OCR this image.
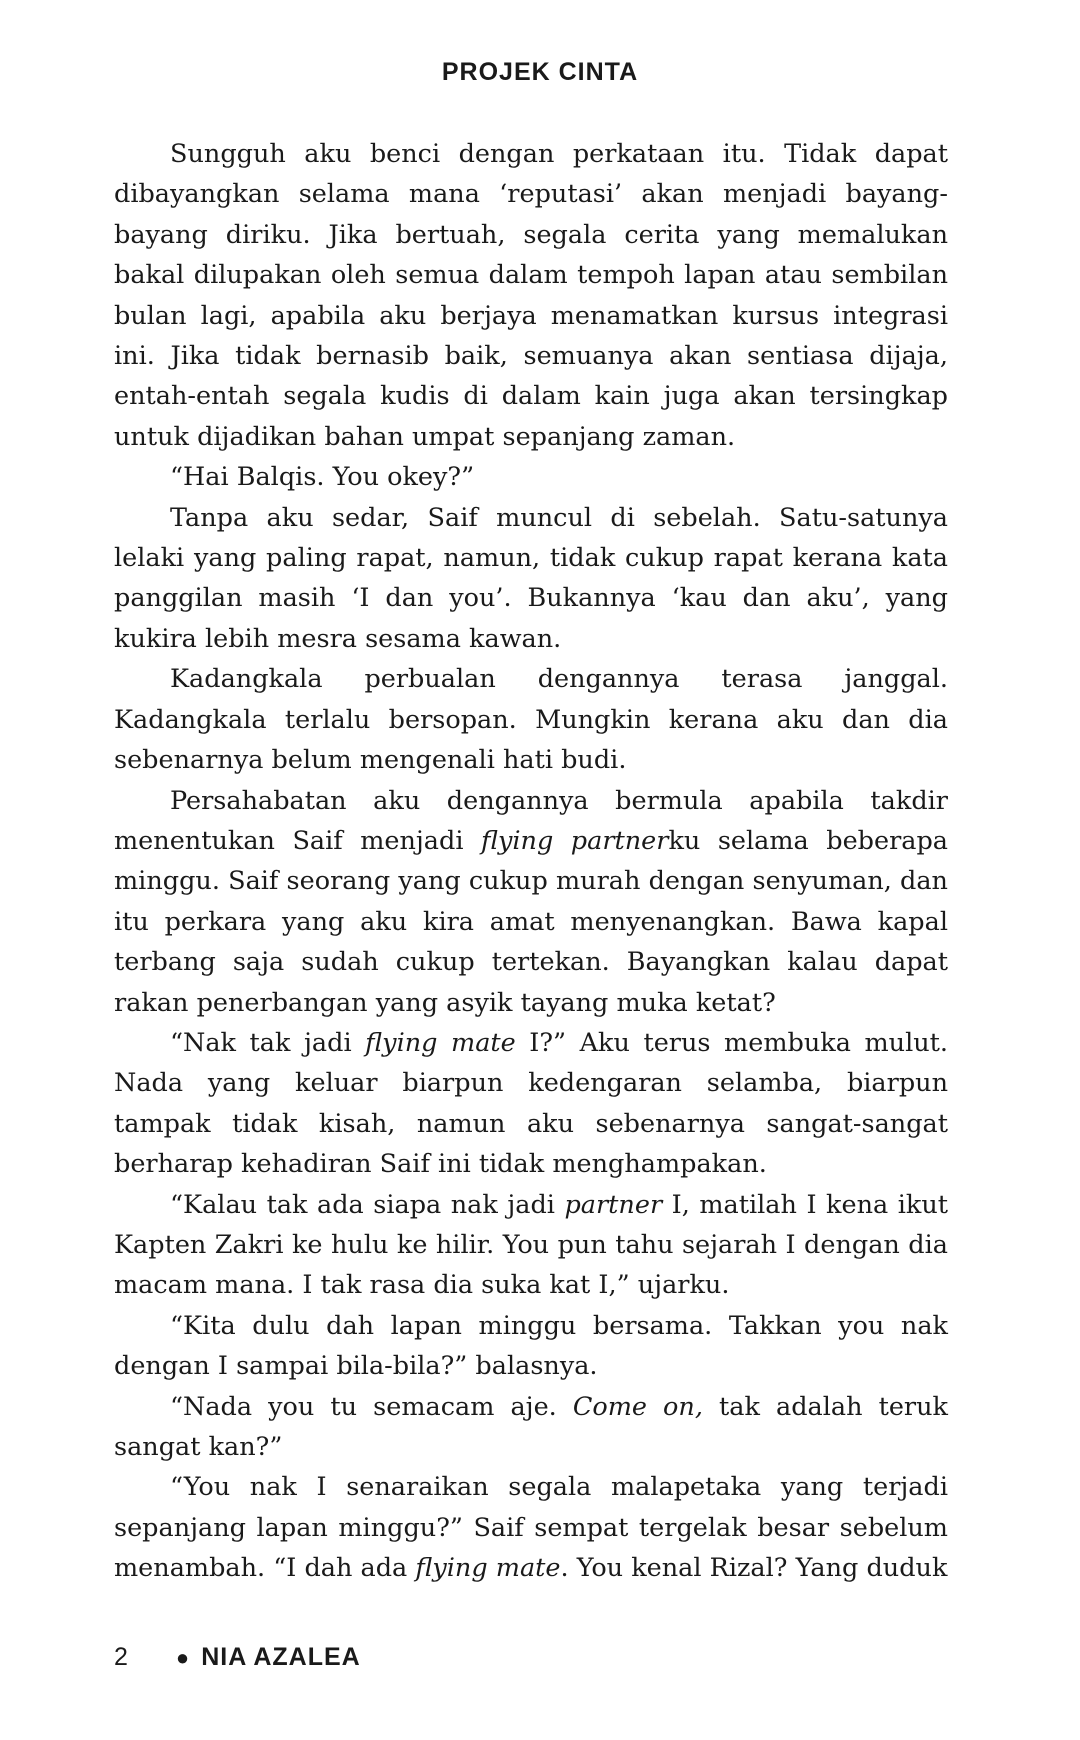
PROJEK CINTA

Sungguh aku benci dengan perkataan itu. Tidak dapat dibayangkan selama mana ‘reputasi’ akan menjadi bayang-bayang diriku. Jika bertuah, segala cerita yang memalukan bakal dilupakan oleh semua dalam tempoh lapan atau sembilan bulan lagi, apabila aku berjaya menamatkan kursus integrasi ini. Jika tidak bernasib baik, semuanya akan sentiasa dijaja, entah-entah segala kudis di dalam kain juga akan tersingkap untuk dijadikan bahan umpat sepanjang zaman.

“Hai Balqis. You okey?”

Tanpa aku sedar, Saif muncul di sebelah. Satu-satunya lelaki yang paling rapat, namun, tidak cukup rapat kerana kata panggilan masih ‘I dan you’. Bukannya ‘kau dan aku’, yang kukira lebih mesra sesama kawan.

Kadangkala perbualan dengannya terasa janggal. Kadangkala terlalu bersopan. Mungkin kerana aku dan dia sebenarnya belum mengenali hati budi.

Persahabatan aku dengannya bermula apabila takdir menentukan Saif menjadi flying partnerku selama beberapa minggu. Saif seorang yang cukup murah dengan senyuman, dan itu perkara yang aku kira amat menyenangkan. Bawa kapal terbang saja sudah cukup tertekan. Bayangkan kalau dapat rakan penerbangan yang asyik tayang muka ketat?

“Nak tak jadi flying mate I?” Aku terus membuka mulut. Nada yang keluar biarpun kedengaran selamba, biarpun tampak tidak kisah, namun aku sebenarnya sangat-sangat berharap kehadiran Saif ini tidak menghampakan.

“Kalau tak ada siapa nak jadi partner I, matilah I kena ikut Kapten Zakri ke hulu ke hilir. You pun tahu sejarah I dengan dia macam mana. I tak rasa dia suka kat I,” ujarku.

“Kita dulu dah lapan minggu bersama. Takkan you nak dengan I sampai bila-bila?” balasnya.

“Nada you tu semacam aje. Come on, tak adalah teruk sangat kan?”

“You nak I senaraikan segala malapetaka yang terjadi sepanjang lapan minggu?” Saif sempat tergelak besar sebelum menambah. “I dah ada flying mate. You kenal Rizal? Yang duduk

2 ● NIA AZALEA
